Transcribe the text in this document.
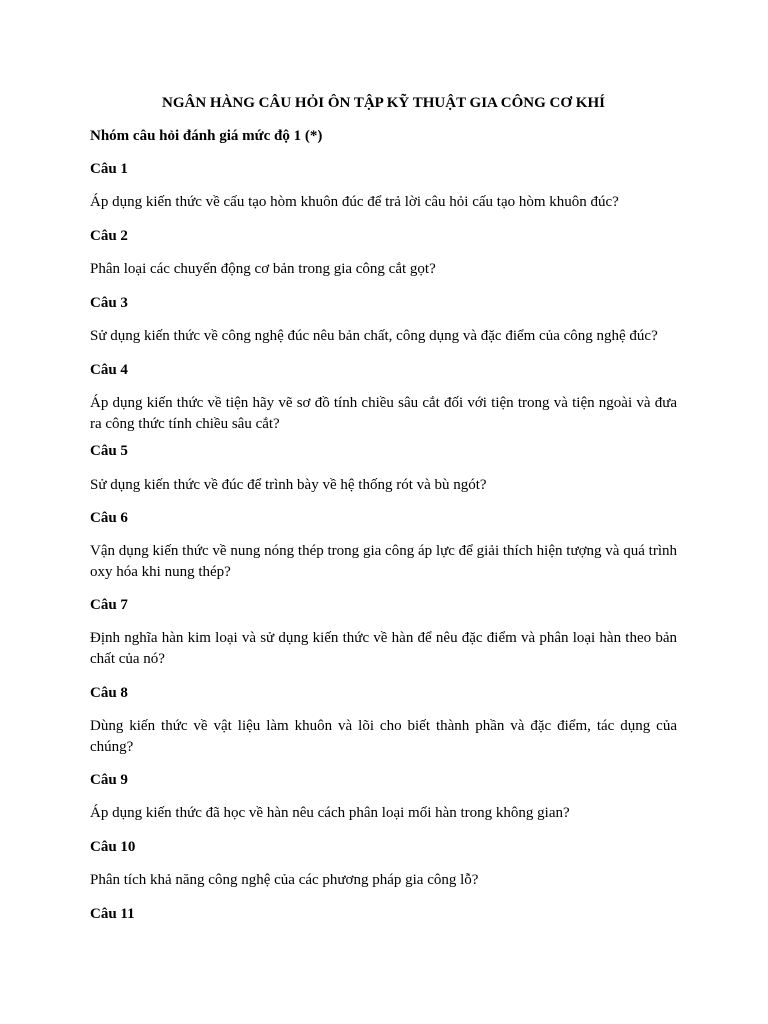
NGÂN HÀNG CÂU HỎI ÔN TẬP KỸ THUẬT GIA CÔNG CƠ KHÍ
Nhóm câu hỏi đánh giá mức độ 1 (*)
Câu 1
Áp dụng kiến thức về cấu tạo hòm khuôn đúc để trả lời câu hỏi cấu tạo hòm khuôn đúc?
Câu 2
Phân loại các chuyển động cơ bản trong gia công cắt gọt?
Câu 3
Sử dụng kiến thức về công nghệ đúc nêu bản chất, công dụng và đặc điểm của công nghệ đúc?
Câu 4
Áp dụng kiến thức về tiện hãy vẽ sơ đồ tính chiều sâu cắt đối với tiện trong và tiện ngoài và đưa ra công thức tính chiều sâu cắt?
Câu 5
Sử dụng kiến thức về đúc để trình bày về hệ thống rót và bù ngót?
Câu 6
Vận dụng kiến thức về nung nóng thép trong gia công áp lực để giải thích hiện tượng và quá trình oxy hóa khi nung thép?
Câu 7
Định nghĩa hàn kim loại và sử dụng kiến thức về hàn để nêu đặc điểm và phân loại hàn theo bản chất của nó?
Câu 8
Dùng kiến thức về vật liệu làm khuôn và lõi cho biết thành phần và đặc điểm, tác dụng của chúng?
Câu 9
Áp dụng kiến thức đã học về hàn nêu cách phân loại mối hàn trong không gian?
Câu 10
Phân tích khả năng công nghệ của các phương pháp gia công lỗ?
Câu 11
